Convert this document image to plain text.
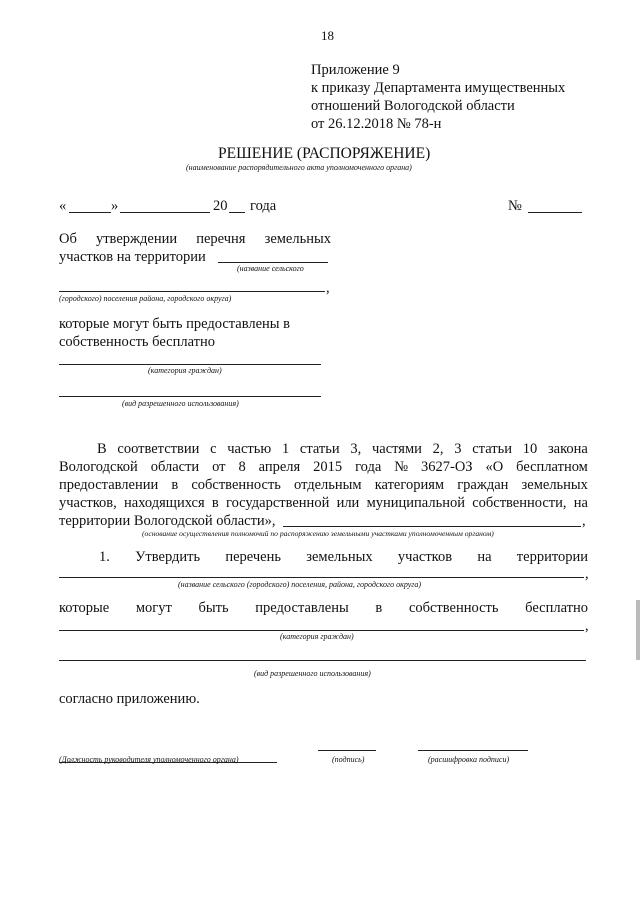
18
Приложение 9
к приказу Департамента имущественных
отношений Вологодской области
от 26.12.2018 № 78-н
РЕШЕНИЕ (РАСПОРЯЖЕНИЕ)
(наименование распорядительного акта уполномоченного органа)
«	»	20 года	№
Об утверждении перечня земельных
участков на территории
(название сельского
,
(городского) поселения района, городского округа)
которые могут быть предоставлены в
собственность бесплатно
(категория граждан)
(вид разрешенного использования)
В соответствии с частью 1 статьи 3, частями 2, 3 статьи 10 закона
Вологодской области от 8 апреля 2015 года № 3627-ОЗ «О бесплатном
предоставлении в собственность отдельным категориям граждан земельных
участков, находящихся в государственной или муниципальной собственности, на
территории Вологодской области»,	,
(основание осуществления полномочий по распоряжению земельными участками уполномоченным органом)
1. Утвердить перечень земельных участков на территории
,
(название сельского (городского) поселения, района, городского округа)
которые могут быть предоставлены в собственность бесплатно
,
(категория граждан)
(вид разрешенного использования)
согласно приложению.
(Должность руководителя уполномоченного органа)	(подпись)	(расшифровка подписи)
